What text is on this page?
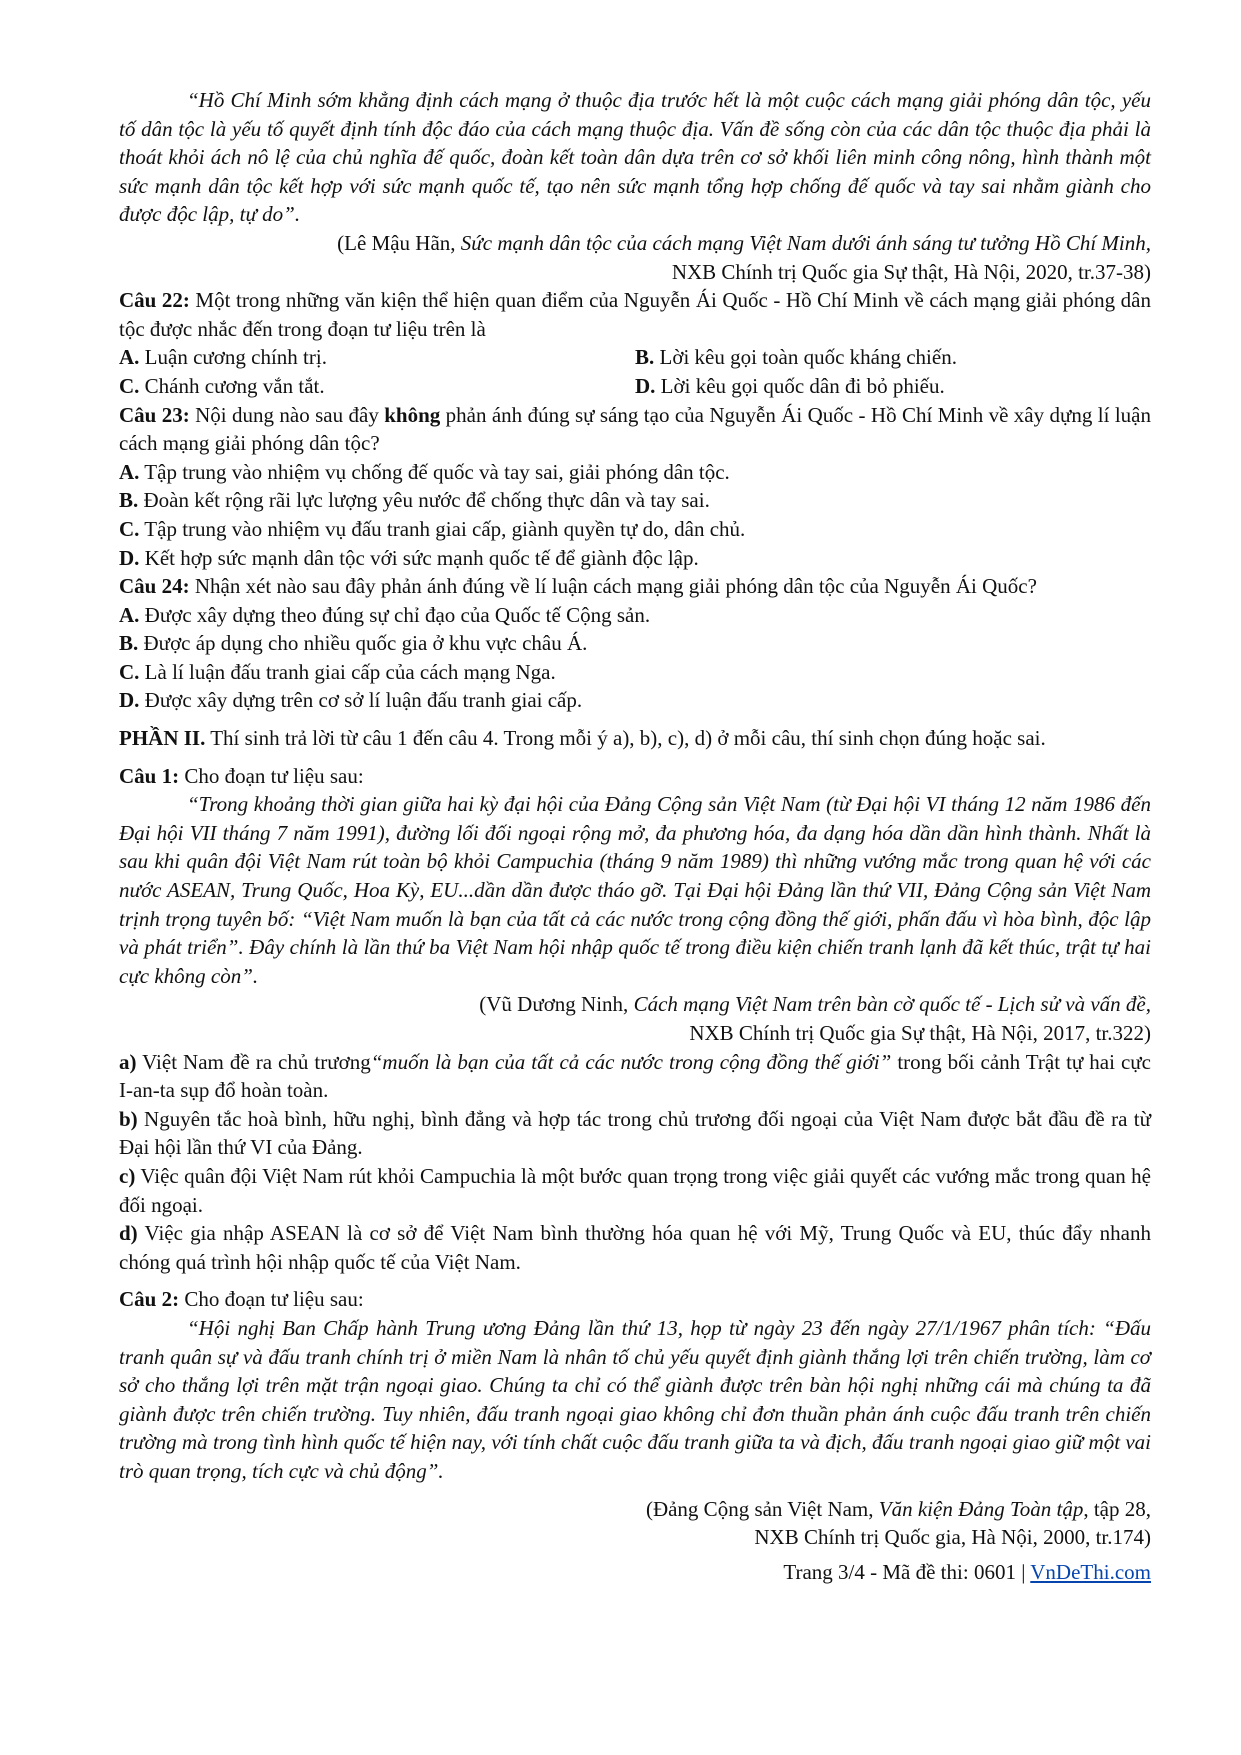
“Hồ Chí Minh sớm khẳng định cách mạng ở thuộc địa trước hết là một cuộc cách mạng giải phóng dân tộc, yếu tố dân tộc là yếu tố quyết định tính độc đáo của cách mạng thuộc địa. Vấn đề sống còn của các dân tộc thuộc địa phải là thoát khỏi ách nô lệ của chủ nghĩa đế quốc, đoàn kết toàn dân dựa trên cơ sở khối liên minh công nông, hình thành một sức mạnh dân tộc kết hợp với sức mạnh quốc tế, tạo nên sức mạnh tổng hợp chống đế quốc và tay sai nhằm giành cho được độc lập, tự do”.

(Lê Mậu Hãn, Sức mạnh dân tộc của cách mạng Việt Nam dưới ánh sáng tư tưởng Hồ Chí Minh,

NXB Chính trị Quốc gia Sự thật, Hà Nội, 2020, tr.37-38)

Câu 22: Một trong những văn kiện thể hiện quan điểm của Nguyễn Ái Quốc - Hồ Chí Minh về cách mạng giải phóng dân tộc được nhắc đến trong đoạn tư liệu trên là

A. Luận cương chính trị.	B. Lời kêu gọi toàn quốc kháng chiến.
C. Chánh cương vắn tắt.	D. Lời kêu gọi quốc dân đi bỏ phiếu.

Câu 23: Nội dung nào sau đây không phản ánh đúng sự sáng tạo của Nguyễn Ái Quốc - Hồ Chí Minh về xây dựng lí luận cách mạng giải phóng dân tộc?

A. Tập trung vào nhiệm vụ chống đế quốc và tay sai, giải phóng dân tộc.

B. Đoàn kết rộng rãi lực lượng yêu nước để chống thực dân và tay sai.

C. Tập trung vào nhiệm vụ đấu tranh giai cấp, giành quyền tự do, dân chủ.

D. Kết hợp sức mạnh dân tộc với sức mạnh quốc tế để giành độc lập.

Câu 24: Nhận xét nào sau đây phản ánh đúng về lí luận cách mạng giải phóng dân tộc của Nguyễn Ái Quốc?

A. Được xây dựng theo đúng sự chỉ đạo của Quốc tế Cộng sản.

B. Được áp dụng cho nhiều quốc gia ở khu vực châu Á.

C. Là lí luận đấu tranh giai cấp của cách mạng Nga.

D. Được xây dựng trên cơ sở lí luận đấu tranh giai cấp.

PHẦN II. Thí sinh trả lời từ câu 1 đến câu 4. Trong mỗi ý a), b), c), d) ở mỗi câu, thí sinh chọn đúng hoặc sai.

Câu 1: Cho đoạn tư liệu sau:

“Trong khoảng thời gian giữa hai kỳ đại hội của Đảng Cộng sản Việt Nam (từ Đại hội VI tháng 12 năm 1986 đến Đại hội VII tháng 7 năm 1991), đường lối đối ngoại rộng mở, đa phương hóa, đa dạng hóa dần dần hình thành. Nhất là sau khi quân đội Việt Nam rút toàn bộ khỏi Campuchia (tháng 9 năm 1989) thì những vướng mắc trong quan hệ với các nước ASEAN, Trung Quốc, Hoa Kỳ, EU...dần dần được tháo gỡ. Tại Đại hội Đảng lần thứ VII, Đảng Cộng sản Việt Nam trịnh trọng tuyên bố: “Việt Nam muốn là bạn của tất cả các nước trong cộng đồng thế giới, phấn đấu vì hòa bình, độc lập và phát triển”. Đây chính là lần thứ ba Việt Nam hội nhập quốc tế trong điều kiện chiến tranh lạnh đã kết thúc, trật tự hai cực không còn”.

(Vũ Dương Ninh, Cách mạng Việt Nam trên bàn cờ quốc tế - Lịch sử và vấn đề,

NXB Chính trị Quốc gia Sự thật, Hà Nội, 2017, tr.322)

a) Việt Nam đề ra chủ trương“muốn là bạn của tất cả các nước trong cộng đồng thế giới” trong bối cảnh Trật tự hai cực I-an-ta sụp đổ hoàn toàn.

b) Nguyên tắc hoà bình, hữu nghị, bình đẳng và hợp tác trong chủ trương đối ngoại của Việt Nam được bắt đầu đề ra từ Đại hội lần thứ VI của Đảng.

c) Việc quân đội Việt Nam rút khỏi Campuchia là một bước quan trọng trong việc giải quyết các vướng mắc trong quan hệ đối ngoại.

d) Việc gia nhập ASEAN là cơ sở để Việt Nam bình thường hóa quan hệ với Mỹ, Trung Quốc và EU, thúc đẩy nhanh chóng quá trình hội nhập quốc tế của Việt Nam.

Câu 2: Cho đoạn tư liệu sau:

“Hội nghị Ban Chấp hành Trung ương Đảng lần thứ 13, họp từ ngày 23 đến ngày 27/1/1967 phân tích: “Đấu tranh quân sự và đấu tranh chính trị ở miền Nam là nhân tố chủ yếu quyết định giành thắng lợi trên chiến trường, làm cơ sở cho thắng lợi trên mặt trận ngoại giao. Chúng ta chỉ có thể giành được trên bàn hội nghị những cái mà chúng ta đã giành được trên chiến trường. Tuy nhiên, đấu tranh ngoại giao không chỉ đơn thuần phản ánh cuộc đấu tranh trên chiến trường mà trong tình hình quốc tế hiện nay, với tính chất cuộc đấu tranh giữa ta và địch, đấu tranh ngoại giao giữ một vai trò quan trọng, tích cực và chủ động”.

(Đảng Cộng sản Việt Nam, Văn kiện Đảng Toàn tập, tập 28,

NXB Chính trị Quốc gia, Hà Nội, 2000, tr.174)

Trang 3/4 - Mã đề thi: 0601 | VnDeThi.com
